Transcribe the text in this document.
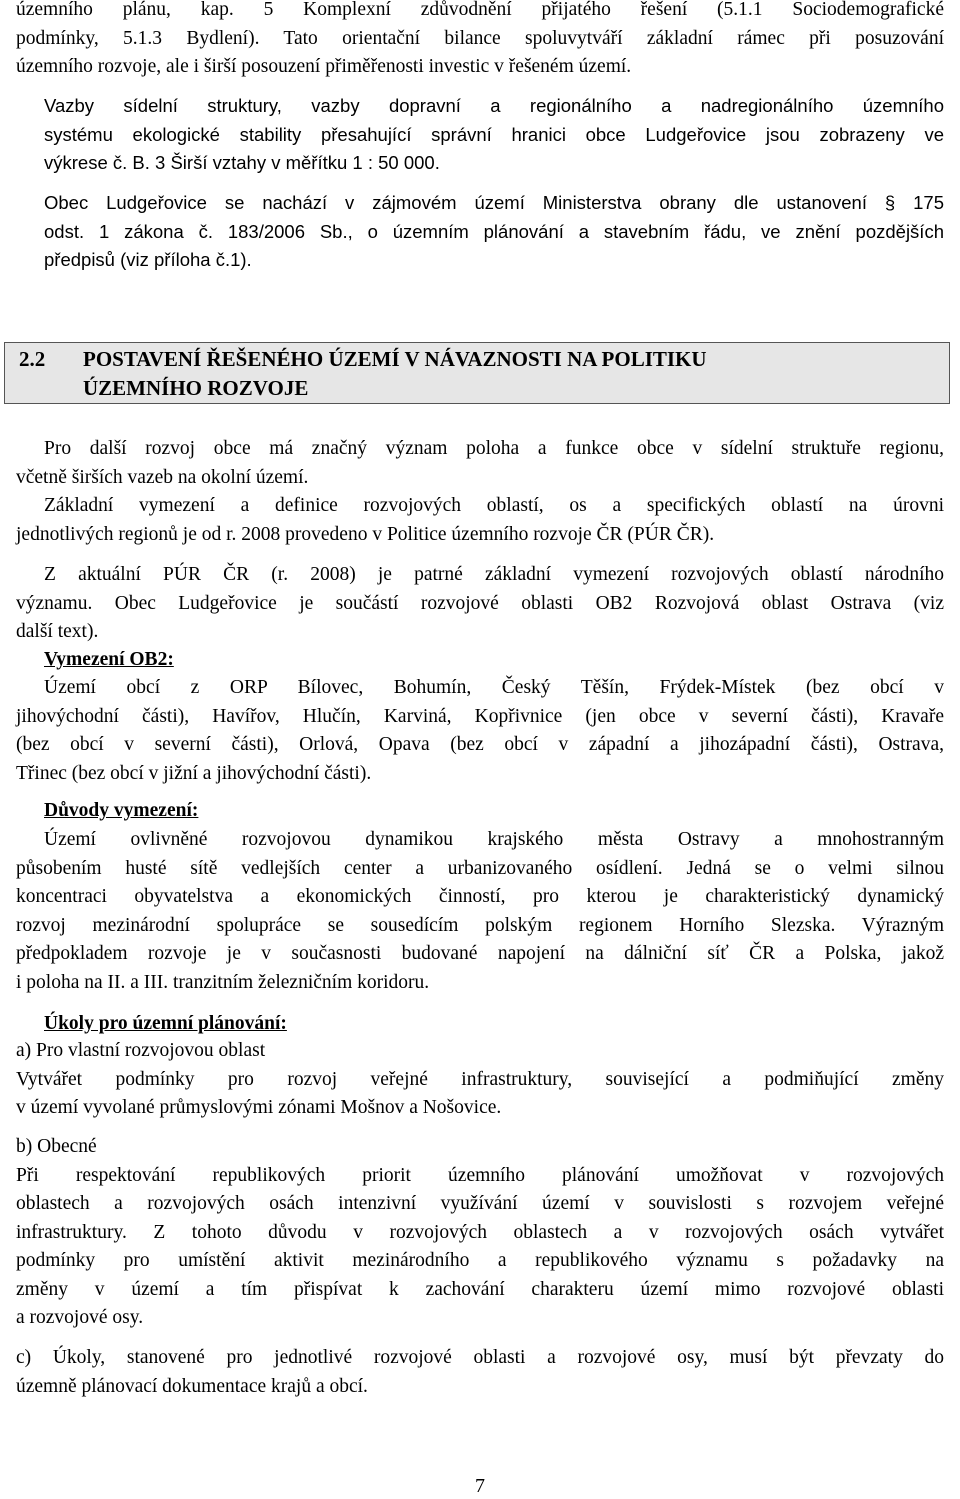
územního plánu, kap. 5 Komplexní zdůvodnění přijatého řešení (5.1.1 Sociodemografické
podmínky, 5.1.3 Bydlení). Tato orientační bilance spoluvytváří základní rámec při posuzování
územního rozvoje, ale i širší posouzení přiměřenosti investic v řešeném území.

Vazby sídelní struktury, vazby dopravní a regionálního a nadregionálního územního
systému ekologické stability přesahující správní hranici obce Ludgeřovice jsou zobrazeny ve
výkrese č. B. 3 Širší vztahy v měřítku 1 : 50 000.

Obec Ludgeřovice se nachází v zájmovém území Ministerstva obrany dle ustanovení § 175
odst. 1 zákona č. 183/2006 Sb., o územním plánování a stavebním řádu, ve znění pozdějších
předpisů (viz příloha č.1).

2.2 POSTAVENÍ ŘEŠENÉHO ÚZEMÍ V NÁVAZNOSTI NA POLITIKU
ÚZEMNÍHO ROZVOJE

Pro další rozvoj obce má značný význam poloha a funkce obce v sídelní struktuře regionu,

včetně širších vazeb na okolní území.

Základní vymezení a definice rozvojových oblastí, os a specifických oblastí na úrovni

jednotlivých regionů je od r. 2008 provedeno v Politice územního rozvoje ČR (PÚR ČR).

Z aktuální PÚR ČR (r. 2008) je patrné základní vymezení rozvojových oblastí národního

významu. Obec Ludgeřovice je součástí rozvojové oblasti OB2 Rozvojová oblast Ostrava (viz
další text).

Vymezení OB2:

Území obcí z ORP Bílovec, Bohumín, Český Těšín, Frýdek-Místek (bez obcí v

jihovýchodní části), Havířov, Hlučín, Karviná, Kopřivnice (jen obce v severní části), Kravaře
(bez obcí v severní části), Orlová, Opava (bez obcí v západní a jihozápadní části), Ostrava,
Třinec (bez obcí v jižní a jihovýchodní části).

Důvody vymezení:

Území ovlivněné rozvojovou dynamikou krajského města Ostravy a mnohostranným

působením husté sítě vedlejších center a urbanizovaného osídlení. Jedná se o velmi silnou
koncentraci obyvatelstva a ekonomických činností, pro kterou je charakteristický dynamický
rozvoj mezinárodní spolupráce se sousedícím polským regionem Horního Slezska. Výrazným
předpokladem rozvoje je v současnosti budované napojení na dálniční síť ČR a Polska, jakož
i poloha na II. a III. tranzitním železničním koridoru.

Úkoly pro územní plánování:

a) Pro vlastní rozvojovou oblast
Vytvářet podmínky pro rozvoj veřejné infrastruktury, související a podmiňující změny
v území vyvolané průmyslovými zónami Mošnov a Nošovice.

b) Obecné
Při respektování republikových priorit územního plánování umožňovat v rozvojových
oblastech a rozvojových osách intenzivní využívání území v souvislosti s rozvojem veřejné
infrastruktury. Z tohoto důvodu v rozvojových oblastech a v rozvojových osách vytvářet
podmínky pro umístění aktivit mezinárodního a republikového významu s požadavky na
změny v území a tím přispívat k zachování charakteru území mimo rozvojové oblasti
a rozvojové osy.

c) Úkoly, stanovené pro jednotlivé rozvojové oblasti a rozvojové osy, musí být převzaty do
územně plánovací dokumentace krajů a obcí.

7
